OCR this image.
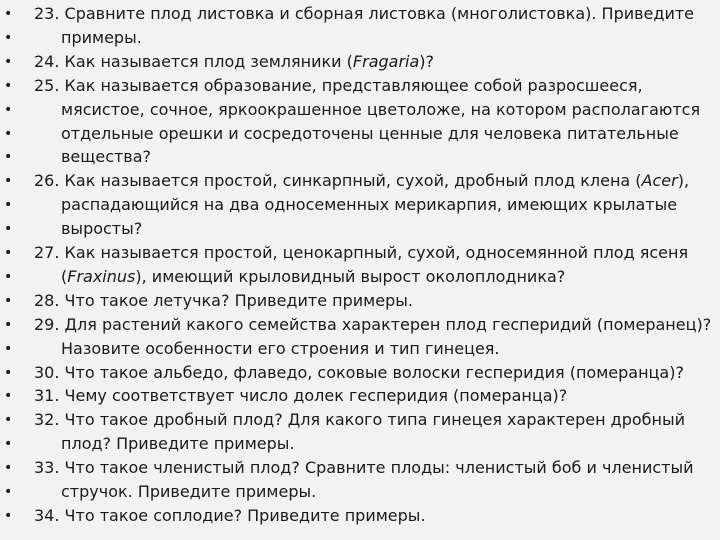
• 23. Сравните плод листовка и сборная листовка (многолистовка). Приведите
•	примеры.
• 24. Как называется плод земляники (Fragaria)?
• 25. Как называется образование, представляющее собой разросшееся,
•	мясистое, сочное, яркоокрашенное цветоложе, на котором располагаются
•	отдельные орешки и сосредоточены ценные для человека питательные
•	вещества?
• 26. Как называется простой, синкарпный, сухой, дробный плод клена (Acer),
•	распадающийся на два односеменных мерикарпия, имеющих крылатые
•	выросты?
• 27. Как называется простой, ценокарпный, сухой, односемянной плод ясеня
•	(Fraxinus), имеющий крыловидный вырост околоплодника?
• 28. Что такое летучка? Приведите примеры.
• 29. Для растений какого семейства характерен плод гесперидий (померанец)?
•	Назовите особенности его строения и тип гинецея.
• 30. Что такое альбедо, флаведо, соковые волоски гесперидия (померанца)?
• 31. Чему соответствует число долек гесперидия (померанца)?
• 32. Что такое дробный плод? Для какого типа гинецея характерен дробный
•	плод? Приведите примеры.
• 33. Что такое членистый плод? Сравните плоды: членистый боб и членистый
•	стручок. Приведите примеры.
• 34. Что такое соплодие? Приведите примеры.
